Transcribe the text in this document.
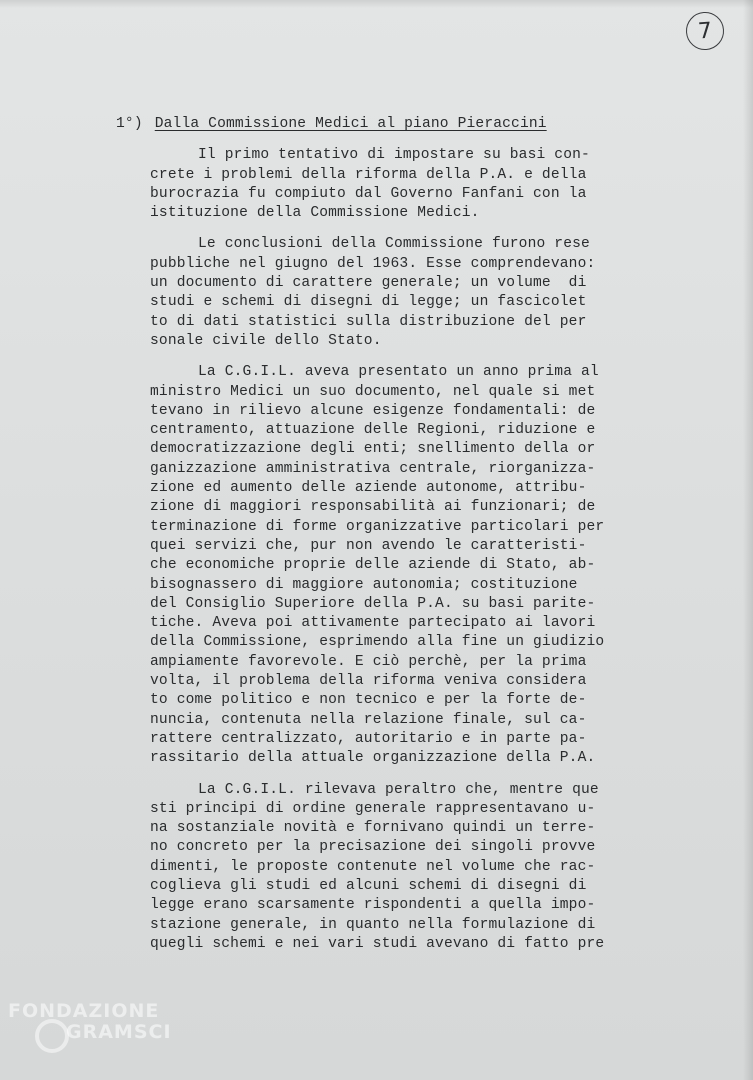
​	7
1°) Dalla Commissione Medici al piano Pieraccini
Il primo tentativo di impostare su basi con-
crete i problemi della riforma della P.A. e della
burocrazia fu compiuto dal Governo Fanfani con la
istituzione della Commissione Medici.
Le conclusioni della Commissione furono rese
pubbliche nel giugno del 1963. Esse comprendevano:
un documento di carattere generale; un volume  di
studi e schemi di disegni di legge; un fascicolet
to di dati statistici sulla distribuzione del per
sonale civile dello Stato.
La C.G.I.L. aveva presentato un anno prima al
ministro Medici un suo documento, nel quale si met
tevano in rilievo alcune esigenze fondamentali: de
centramento, attuazione delle Regioni, riduzione e
democratizzazione degli enti; snellimento della or
ganizzazione amministrativa centrale, riorganizza-
zione ed aumento delle aziende autonome, attribu-
zione di maggiori responsabilità ai funzionari; de
terminazione di forme organizzative particolari per
quei servizi che, pur non avendo le caratteristi-
che economiche proprie delle aziende di Stato, ab-
bisognassero di maggiore autonomia; costituzione
del Consiglio Superiore della P.A. su basi parite-
tiche. Aveva poi attivamente partecipato ai lavori
della Commissione, esprimendo alla fine un giudizio
ampiamente favorevole. E ciò perchè, per la prima
volta, il problema della riforma veniva considera
to come politico e non tecnico e per la forte de-
nuncia, contenuta nella relazione finale, sul ca-
rattere centralizzato, autoritario e in parte pa-
rassitario della attuale organizzazione della P.A.
La C.G.I.L. rilevava peraltro che, mentre que
sti principi di ordine generale rappresentavano u-
na sostanziale novità e fornivano quindi un terre-
no concreto per la precisazione dei singoli provve
dimenti, le proposte contenute nel volume che rac-
coglieva gli studi ed alcuni schemi di disegni di
legge erano scarsamente rispondenti a quella impo-
stazione generale, in quanto nella formulazione di
quegli schemi e nei vari studi avevano di fatto pre
FONDAZIONE
GRAMSCI
